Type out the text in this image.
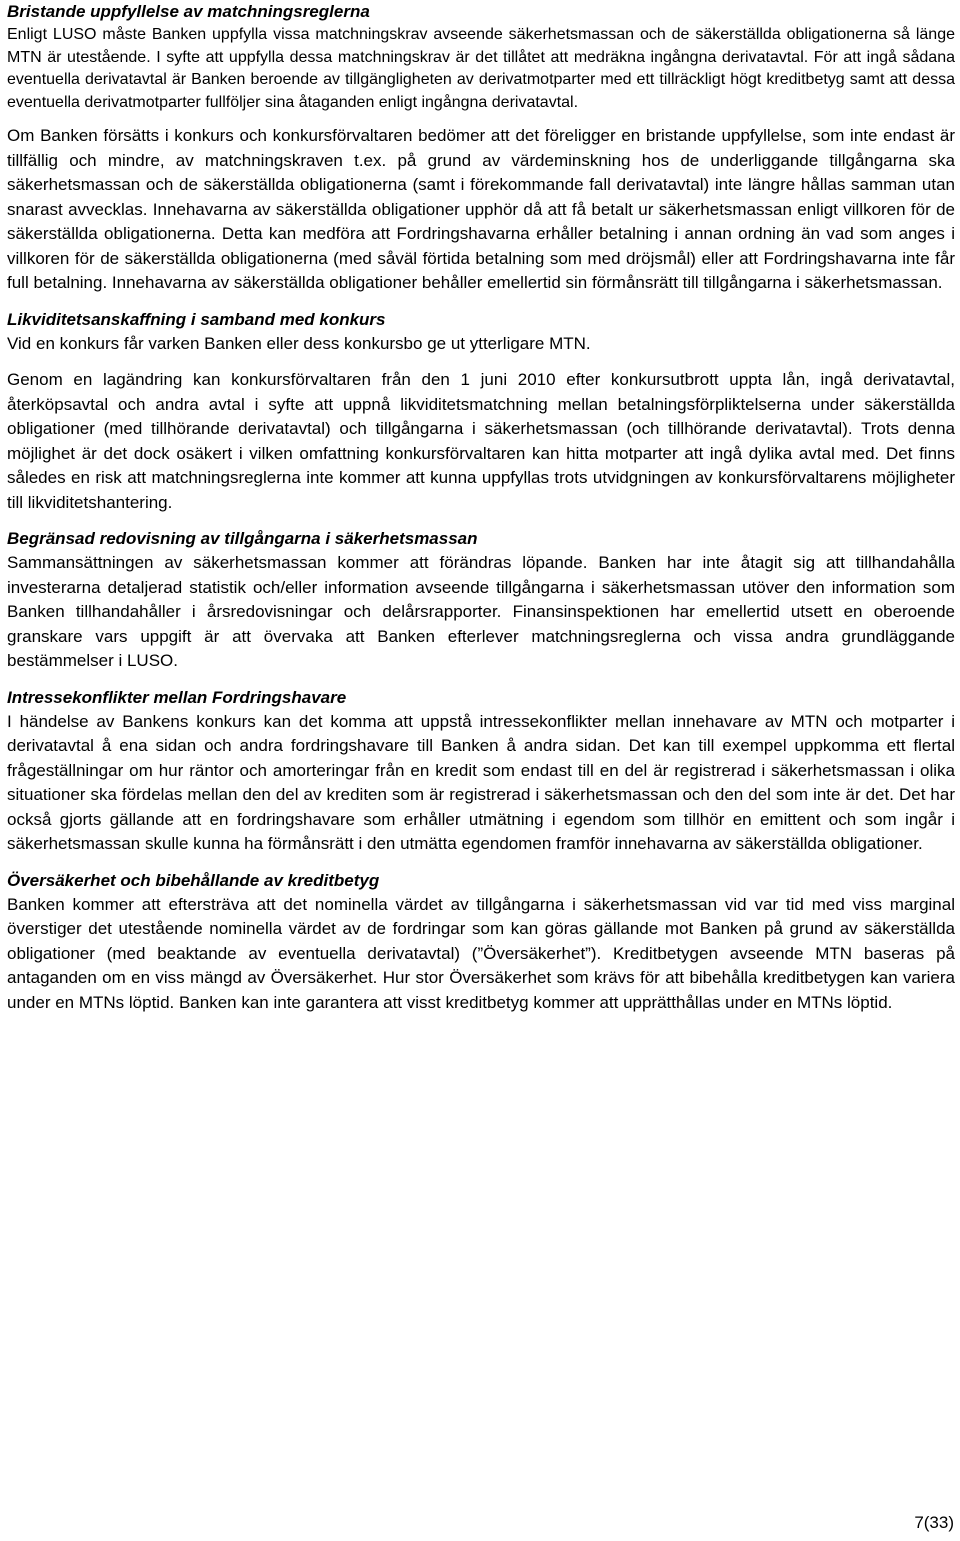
Bristande uppfyllelse av matchningsreglerna

Enligt LUSO måste Banken uppfylla vissa matchningskrav avseende säkerhetsmassan och de säkerställda obligationerna så länge MTN är utestående. I syfte att uppfylla dessa matchningskrav är det tillåtet att medräkna ingångna derivatavtal. För att ingå sådana eventuella derivatavtal är Banken beroende av tillgängligheten av derivatmotparter med ett tillräckligt högt kreditbetyg samt att dessa eventuella derivatmotparter fullföljer sina åtaganden enligt ingångna derivatavtal.

Om Banken försätts i konkurs och konkursförvaltaren bedömer att det föreligger en bristande uppfyllelse, som inte endast är tillfällig och mindre, av matchningskraven t.ex. på grund av värdeminskning hos de underliggande tillgångarna ska säkerhetsmassan och de säkerställda obligationerna (samt i förekommande fall derivatavtal) inte längre hållas samman utan snarast avvecklas. Innehavarna av säkerställda obligationer upphör då att få betalt ur säkerhetsmassan enligt villkoren för de säkerställda obligationerna. Detta kan medföra att Fordringshavarna erhåller betalning i annan ordning än vad som anges i villkoren för de säkerställda obligationerna (med såväl förtida betalning som med dröjsmål) eller att Fordringshavarna inte får full betalning. Innehavarna av säkerställda obligationer behåller emellertid sin förmånsrätt till tillgångarna i säkerhetsmassan.

Likviditetsanskaffning i samband med konkurs

Vid en konkurs får varken Banken eller dess konkursbo ge ut ytterligare MTN.

Genom en lagändring kan konkursförvaltaren från den 1 juni 2010 efter konkursutbrott uppta lån, ingå derivatavtal, återköpsavtal och andra avtal i syfte att uppnå likviditetsmatchning mellan betalningsförpliktelserna under säkerställda obligationer (med tillhörande derivatavtal) och tillgångarna i säkerhetsmassan (och tillhörande derivatavtal). Trots denna möjlighet är det dock osäkert i vilken omfattning konkursförvaltaren kan hitta motparter att ingå dylika avtal med. Det finns således en risk att matchningsreglerna inte kommer att kunna uppfyllas trots utvidgningen av konkursförvaltarens möjligheter till likviditetshantering.

Begränsad redovisning av tillgångarna i säkerhetsmassan

Sammansättningen av säkerhetsmassan kommer att förändras löpande. Banken har inte åtagit sig att tillhandahålla investerarna detaljerad statistik och/eller information avseende tillgångarna i säkerhetsmassan utöver den information som Banken tillhandahåller i årsredovisningar och delårsrapporter. Finansinspektionen har emellertid utsett en oberoende granskare vars uppgift är att övervaka att Banken efterlever matchningsreglerna och vissa andra grundläggande bestämmelser i LUSO.

Intressekonflikter mellan Fordringshavare

I händelse av Bankens konkurs kan det komma att uppstå intressekonflikter mellan innehavare av MTN och motparter i derivatavtal å ena sidan och andra fordringshavare till Banken å andra sidan. Det kan till exempel uppkomma ett flertal frågeställningar om hur räntor och amorteringar från en kredit som endast till en del är registrerad i säkerhetsmassan i olika situationer ska fördelas mellan den del av krediten som är registrerad i säkerhetsmassan och den del som inte är det. Det har också gjorts gällande att en fordringshavare som erhåller utmätning i egendom som tillhör en emittent och som ingår i säkerhetsmassan skulle kunna ha förmånsrätt i den utmätta egendomen framför innehavarna av säkerställda obligationer.

Översäkerhet och bibehållande av kreditbetyg

Banken kommer att eftersträva att det nominella värdet av tillgångarna i säkerhetsmassan vid var tid med viss marginal överstiger det utestående nominella värdet av de fordringar som kan göras gällande mot Banken på grund av säkerställda obligationer (med beaktande av eventuella derivatavtal) (”Översäkerhet”). Kreditbetygen avseende MTN baseras på antaganden om en viss mängd av Översäkerhet. Hur stor Översäkerhet som krävs för att bibehålla kreditbetygen kan variera under en MTNs löptid. Banken kan inte garantera att visst kreditbetyg kommer att upprätthållas under en MTNs löptid.

7(33)
